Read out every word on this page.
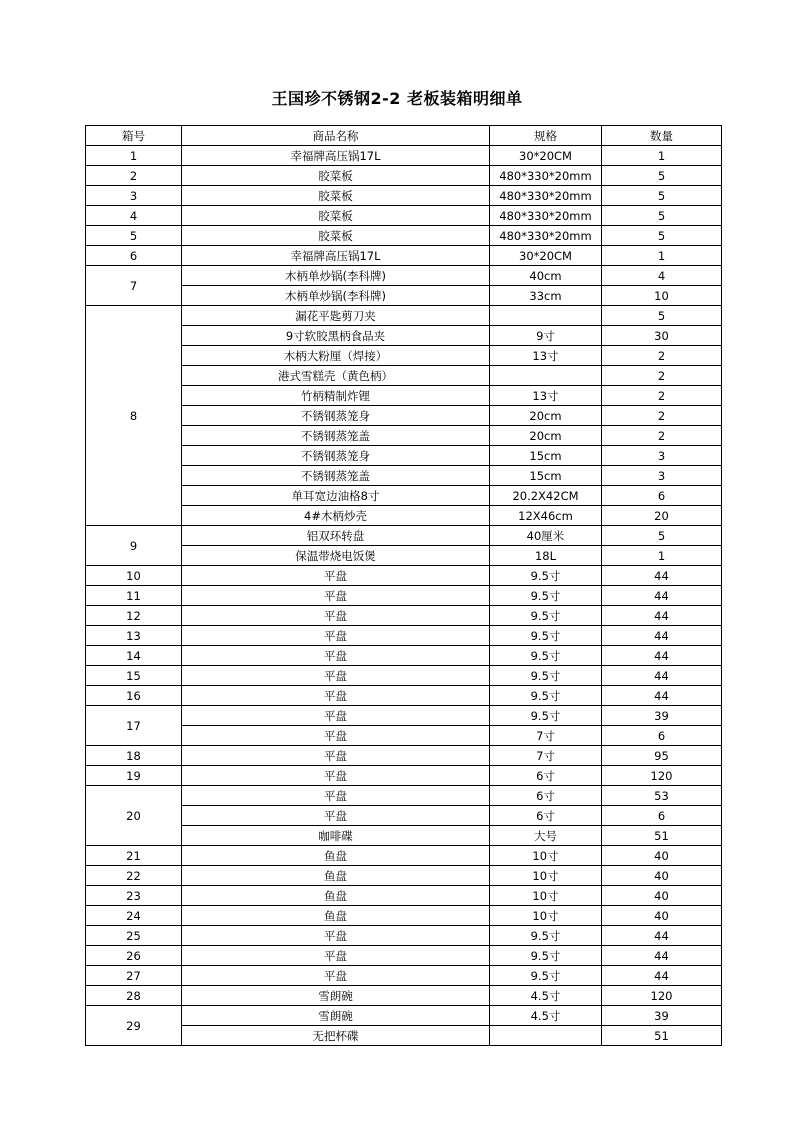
王国珍不锈钢2-2 老板装箱明细单
箱号	商品名称	规格	数量
1	幸福牌高压锅17L	30*20CM	1
2	胶菜板	480*330*20mm	5
3	胶菜板	480*330*20mm	5
4	胶菜板	480*330*20mm	5
5	胶菜板	480*330*20mm	5
6	幸福牌高压锅17L	30*20CM	1
7	木柄单炒锅(李科牌)	40cm	4
	木柄单炒锅(李科牌)	33cm	10
8	漏花平匙剪刀夹		5
	9寸软胶黑柄食品夹	9寸	30
	木柄大粉厘（焊接）	13寸	2
	港式雪糕壳（黄色柄）		2
	竹柄精制炸锂	13寸	2
	不锈钢蒸笼身	20cm	2
	不锈钢蒸笼盖	20cm	2
	不锈钢蒸笼身	15cm	3
	不锈钢蒸笼盖	15cm	3
	单耳宽边油格8寸	20.2X42CM	6
	4#木柄炒壳	12X46cm	20
9	铝双环转盘	40厘米	5
	保温带烧电饭煲	18L	1
10	平盘	9.5寸	44
11	平盘	9.5寸	44
12	平盘	9.5寸	44
13	平盘	9.5寸	44
14	平盘	9.5寸	44
15	平盘	9.5寸	44
16	平盘	9.5寸	44
17	平盘	9.5寸	39
	平盘	7寸	6
18	平盘	7寸	95
19	平盘	6寸	120
20	平盘	6寸	53
	平盘	6寸	6
	咖啡碟	大号	51
21	鱼盘	10寸	40
22	鱼盘	10寸	40
23	鱼盘	10寸	40
24	鱼盘	10寸	40
25	平盘	9.5寸	44
26	平盘	9.5寸	44
27	平盘	9.5寸	44
28	雪朗碗	4.5寸	120
29	雪朗碗	4.5寸	39
	无把杯碟		51
